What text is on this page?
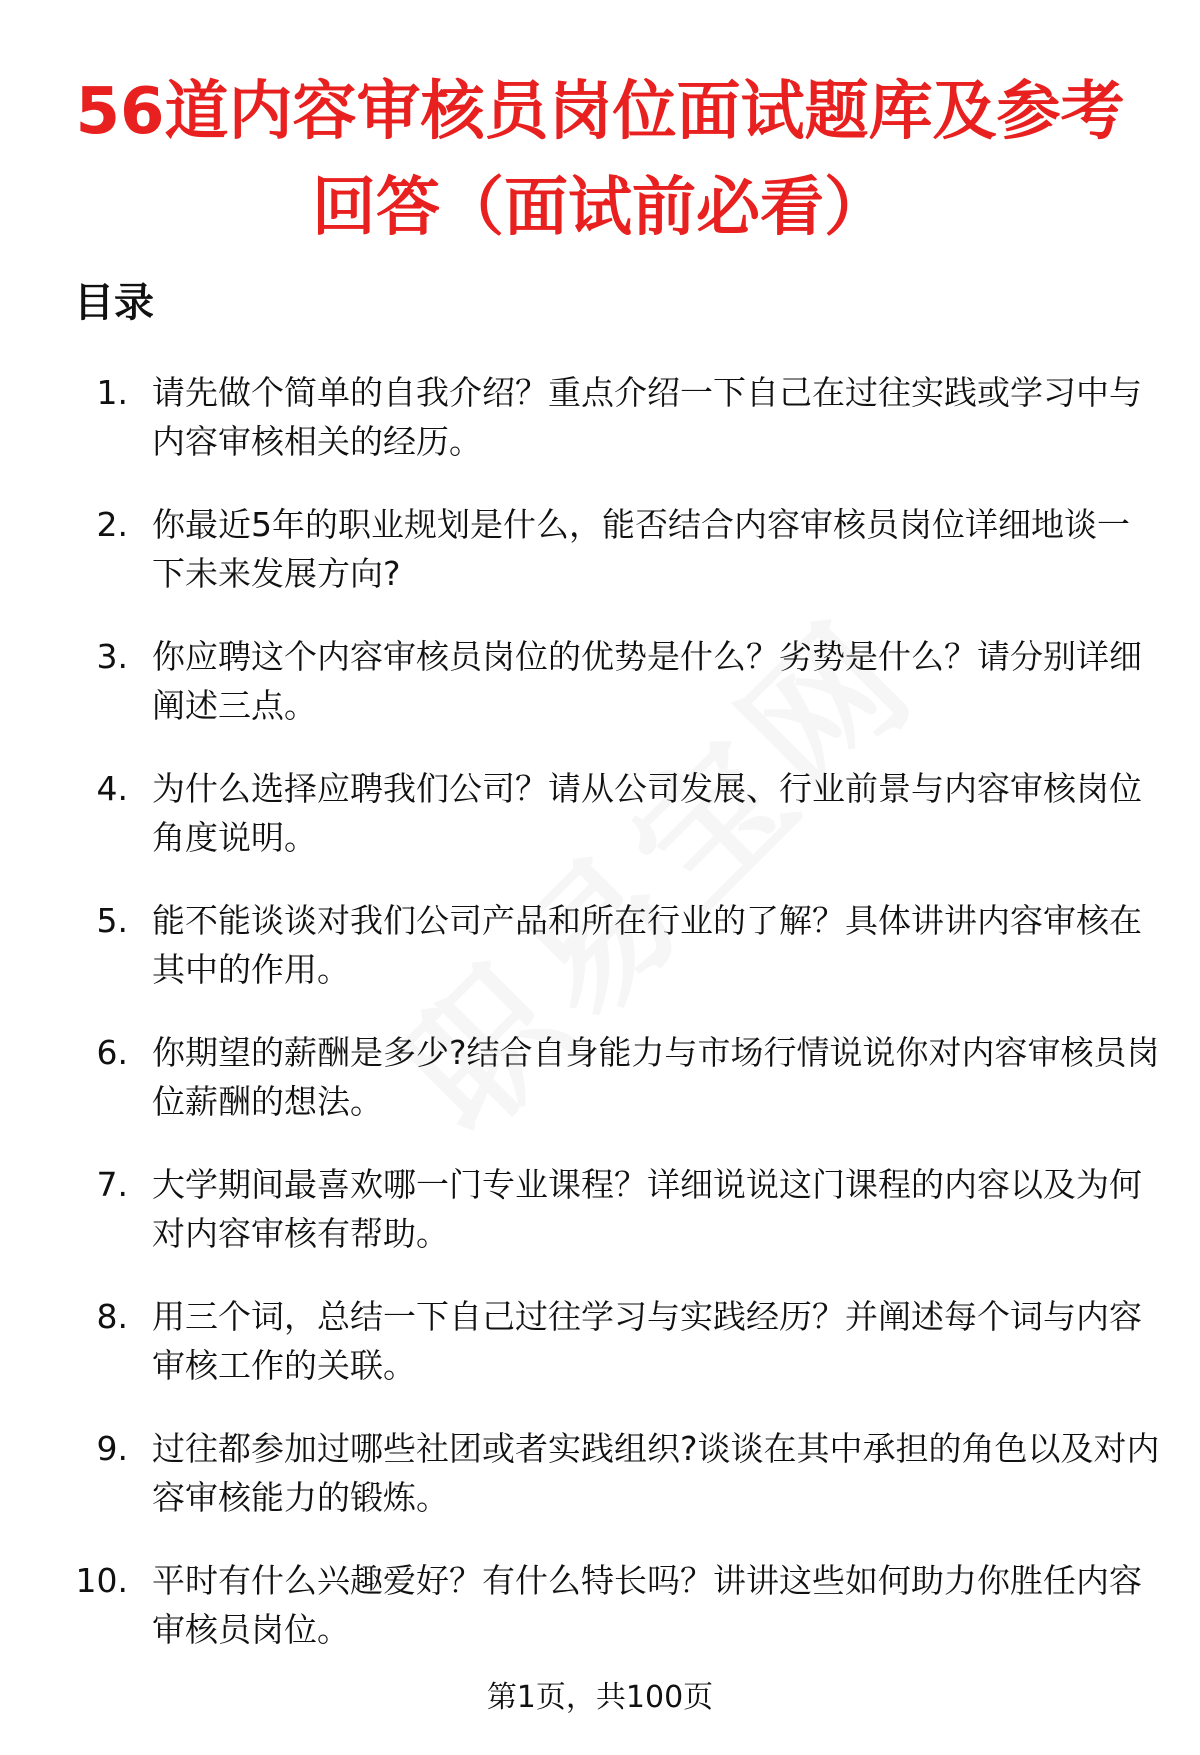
56道内容审核员岗位面试题库及参考回答（面试前必看）
目录
1. 请先做个简单的自我介绍？重点介绍一下自己在过往实践或学习中与内容审核相关的经历。
2. 你最近5年的职业规划是什么，能否结合内容审核员岗位详细地谈一下未来发展方向?
3. 你应聘这个内容审核员岗位的优势是什么？劣势是什么？请分别详细阐述三点。
4. 为什么选择应聘我们公司？请从公司发展、行业前景与内容审核岗位角度说明。
5. 能不能谈谈对我们公司产品和所在行业的了解？具体讲讲内容审核在其中的作用。
6. 你期望的薪酬是多少?结合自身能力与市场行情说说你对内容审核员岗位薪酬的想法。
7. 大学期间最喜欢哪一门专业课程？详细说说这门课程的内容以及为何对内容审核有帮助。
8. 用三个词，总结一下自己过往学习与实践经历？并阐述每个词与内容审核工作的关联。
9. 过往都参加过哪些社团或者实践组织?谈谈在其中承担的角色以及对内容审核能力的锻炼。
10. 平时有什么兴趣爱好？有什么特长吗？讲讲这些如何助力你胜任内容审核员岗位。
第1页，共100页
